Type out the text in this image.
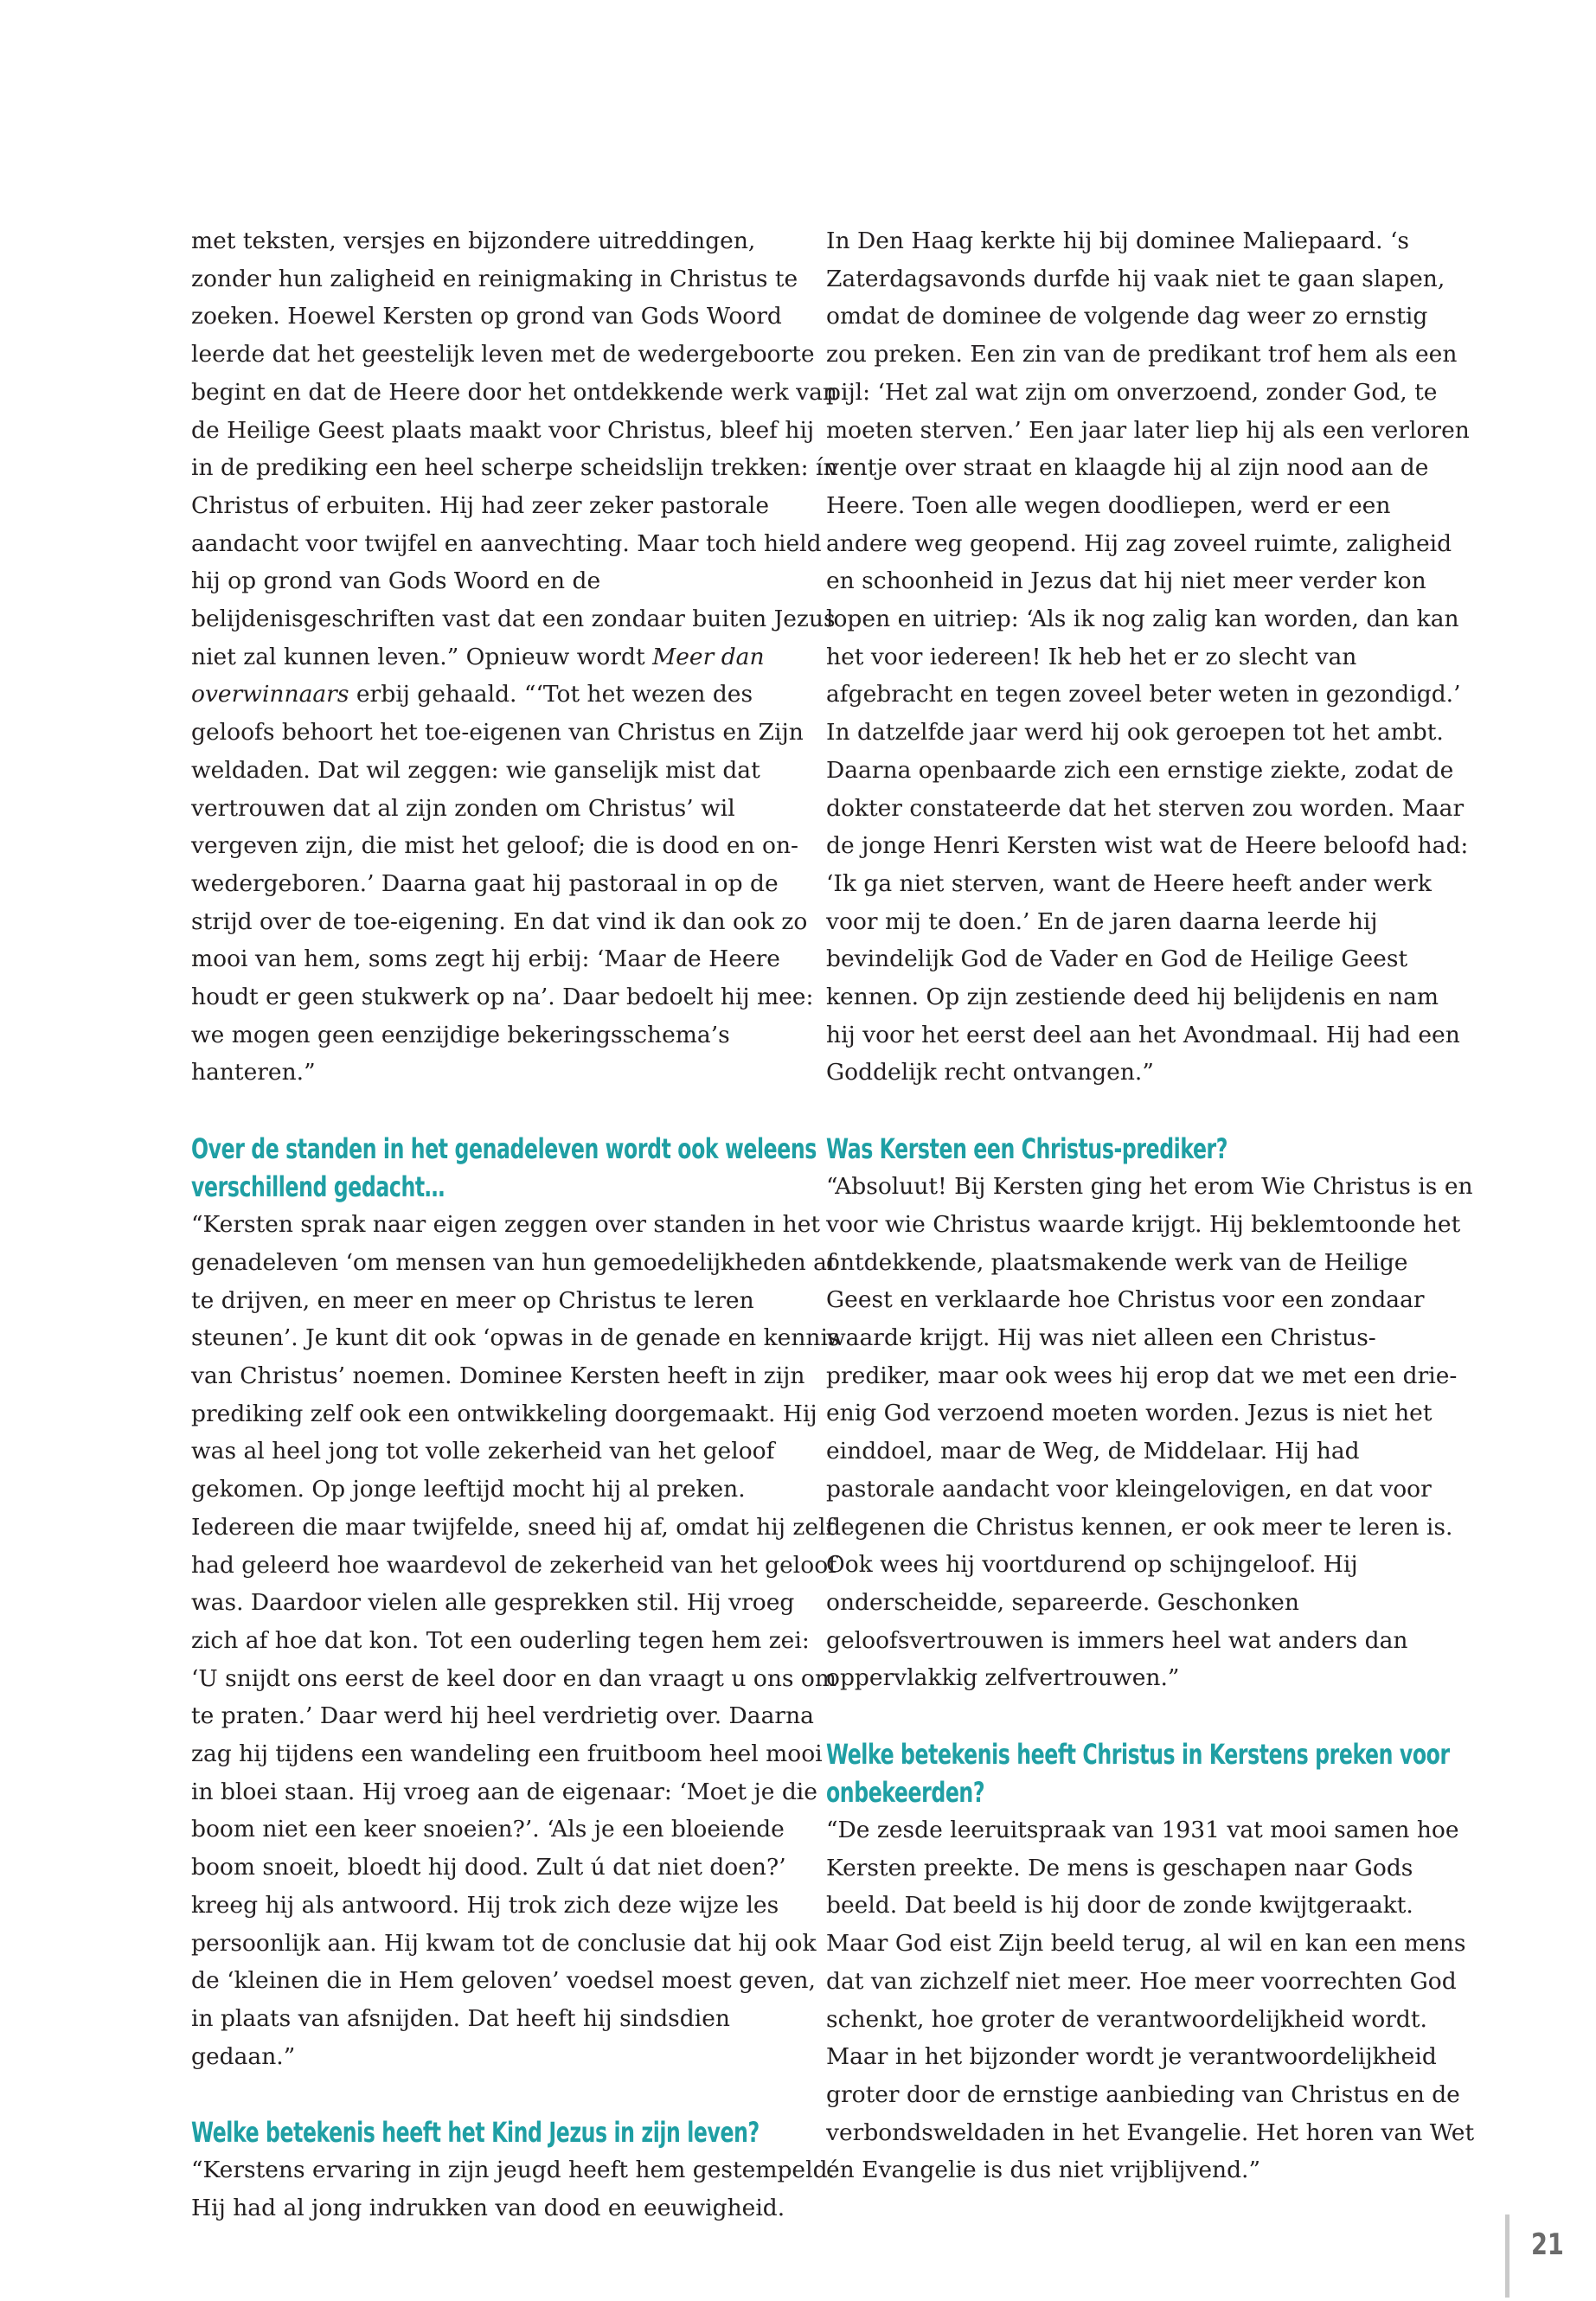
met teksten, versjes en bijzondere uitreddingen, zonder hun zaligheid en reinigmaking in Christus te zoeken. Hoewel Kersten op grond van Gods Woord leerde dat het geestelijk leven met de wedergeboorte begint en dat de Heere door het ontdekkende werk van de Heilige Geest plaats maakt voor Christus, bleef hij in de prediking een heel scherpe scheidslijn trekken: ín Christus of erbuiten. Hij had zeer zeker pastorale aandacht voor twijfel en aanvechting. Maar toch hield hij op grond van Gods Woord en de belijdenisgeschriften vast dat een zondaar buiten Jezus niet zal kunnen leven.” Opnieuw wordt Meer dan overwinnaars erbij gehaald. “‘Tot het wezen des geloofs behoort het toe-eigenen van Christus en Zijn weldaden. Dat wil zeggen: wie ganselijk mist dat vertrouwen dat al zijn zonden om Christus’ wil vergeven zijn, die mist het geloof; die is dood en on-wedergeboren.’ Daarna gaat hij pastoraal in op de strijd over de toe-eigening. En dat vind ik dan ook zo mooi van hem, soms zegt hij erbij: ‘Maar de Heere houdt er geen stukwerk op na’. Daar bedoelt hij mee: we mogen geen eenzijdige bekeringsschema’s hanteren.”

Over de standen in het genadeleven wordt ook weleens verschillend gedacht…

“Kersten sprak naar eigen zeggen over standen in het genadeleven ‘om mensen van hun gemoedelijkheden af te drijven, en meer en meer op Christus te leren steunen’. Je kunt dit ook ‘opwas in de genade en kennis van Christus’ noemen. Dominee Kersten heeft in zijn prediking zelf ook een ontwikkeling doorgemaakt. Hij was al heel jong tot volle zekerheid van het geloof gekomen. Op jonge leeftijd mocht hij al preken. Iedereen die maar twijfelde, sneed hij af, omdat hij zelf had geleerd hoe waardevol de zekerheid van het geloof was. Daardoor vielen alle gesprekken stil. Hij vroeg zich af hoe dat kon. Tot een ouderling tegen hem zei: ‘U snijdt ons eerst de keel door en dan vraagt u ons om te praten.’ Daar werd hij heel verdrietig over. Daarna zag hij tijdens een wandeling een fruitboom heel mooi in bloei staan. Hij vroeg aan de eigenaar: ‘Moet je die boom niet een keer snoeien?’. ‘Als je een bloeiende boom snoeit, bloedt hij dood. Zult ú dat niet doen?’ kreeg hij als antwoord. Hij trok zich deze wijze les persoonlijk aan. Hij kwam tot de conclusie dat hij ook de ‘kleinen die in Hem geloven’ voedsel moest geven, in plaats van afsnijden. Dat heeft hij sindsdien gedaan.”

Welke betekenis heeft het Kind Jezus in zijn leven?

“Kerstens ervaring in zijn jeugd heeft hem gestempeld. Hij had al jong indrukken van dood en eeuwigheid.

In Den Haag kerkte hij bij dominee Maliepaard. ‘s Zaterdagsavonds durfde hij vaak niet te gaan slapen, omdat de dominee de volgende dag weer zo ernstig zou preken. Een zin van de predikant trof hem als een pijl: ‘Het zal wat zijn om onverzoend, zonder God, te moeten sterven.’ Een jaar later liep hij als een verloren ventje over straat en klaagde hij al zijn nood aan de Heere. Toen alle wegen doodliepen, werd er een andere weg geopend. Hij zag zoveel ruimte, zaligheid en schoonheid in Jezus dat hij niet meer verder kon lopen en uitriep: ‘Als ik nog zalig kan worden, dan kan het voor iedereen! Ik heb het er zo slecht van afgebracht en tegen zoveel beter weten in gezondigd.’ In datzelfde jaar werd hij ook geroepen tot het ambt. Daarna openbaarde zich een ernstige ziekte, zodat de dokter constateerde dat het sterven zou worden. Maar de jonge Henri Kersten wist wat de Heere beloofd had: ‘Ik ga niet sterven, want de Heere heeft ander werk voor mij te doen.’ En de jaren daarna leerde hij bevindelijk God de Vader en God de Heilige Geest kennen. Op zijn zestiende deed hij belijdenis en nam hij voor het eerst deel aan het Avondmaal. Hij had een Goddelijk recht ontvangen.”

Was Kersten een Christus-prediker?

“Absoluut! Bij Kersten ging het erom Wie Christus is en voor wie Christus waarde krijgt. Hij beklemtoonde het ontdekkende, plaatsmakende werk van de Heilige Geest en verklaarde hoe Christus voor een zondaar waarde krijgt. Hij was niet alleen een Christus-prediker, maar ook wees hij erop dat we met een drie-enig God verzoend moeten worden. Jezus is niet het einddoel, maar de Weg, de Middelaar. Hij had pastorale aandacht voor kleingelovigen, en dat voor degenen die Christus kennen, er ook meer te leren is. Ook wees hij voortdurend op schijngeloof. Hij onderscheidde, separeerde. Geschonken geloofsvertrouwen is immers heel wat anders dan oppervlakkig zelfvertrouwen.”

Welke betekenis heeft Christus in Kerstens preken voor onbekeerden?

“De zesde leeruitspraak van 1931 vat mooi samen hoe Kersten preekte. De mens is geschapen naar Gods beeld. Dat beeld is hij door de zonde kwijtgeraakt. Maar God eist Zijn beeld terug, al wil en kan een mens dat van zichzelf niet meer. Hoe meer voorrechten God schenkt, hoe groter de verantwoordelijkheid wordt. Maar in het bijzonder wordt je verantwoordelijkheid groter door de ernstige aanbieding van Christus en de verbondsweldaden in het Evangelie. Het horen van Wet én Evangelie is dus niet vrijblijvend.”

21
